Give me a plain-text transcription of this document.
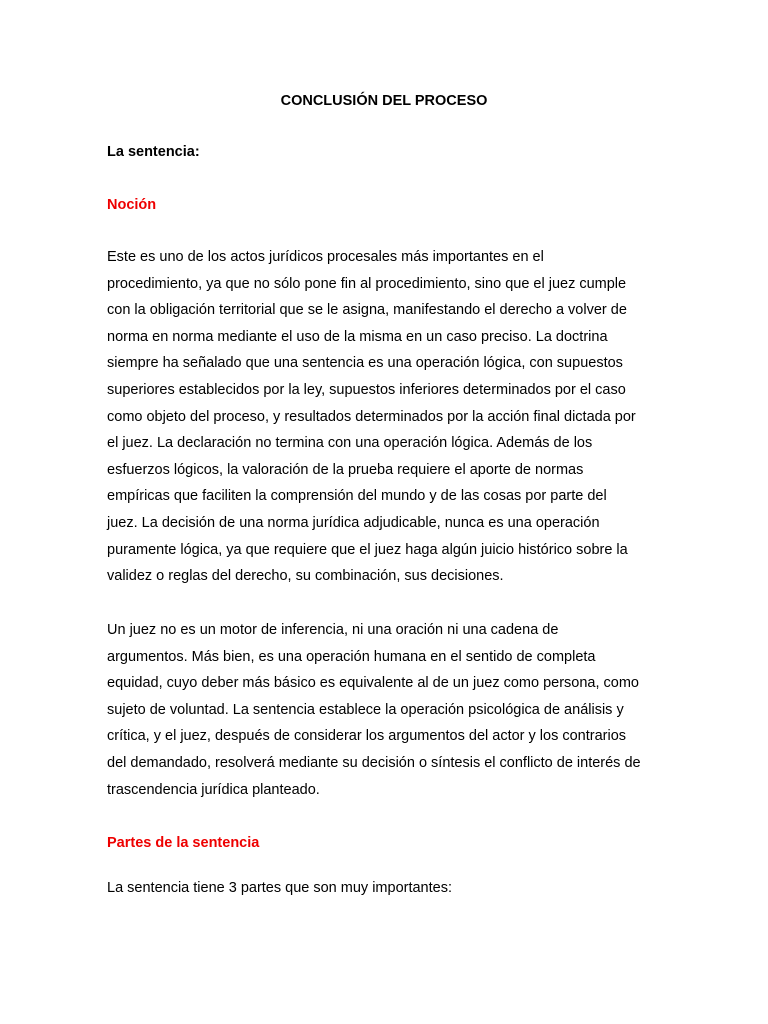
CONCLUSIÓN DEL PROCESO

La sentencia:

Noción

Este es uno de los actos jurídicos procesales más importantes en el
procedimiento, ya que no sólo pone fin al procedimiento, sino que el juez cumple
con la obligación territorial que se le asigna, manifestando el derecho a volver de
norma en norma mediante el uso de la misma en un caso preciso. La doctrina
siempre ha señalado que una sentencia es una operación lógica, con supuestos
superiores establecidos por la ley, supuestos inferiores determinados por el caso
como objeto del proceso, y resultados determinados por la acción final dictada por
el juez. La declaración no termina con una operación lógica. Además de los
esfuerzos lógicos, la valoración de la prueba requiere el aporte de normas
empíricas que faciliten la comprensión del mundo y de las cosas por parte del
juez. La decisión de una norma jurídica adjudicable, nunca es una operación
puramente lógica, ya que requiere que el juez haga algún juicio histórico sobre la
validez o reglas del derecho, su combinación, sus decisiones.
Un juez no es un motor de inferencia, ni una oración ni una cadena de
argumentos. Más bien, es una operación humana en el sentido de completa
equidad, cuyo deber más básico es equivalente al de un juez como persona, como
sujeto de voluntad. La sentencia establece la operación psicológica de análisis y
crítica, y el juez, después de considerar los argumentos del actor y los contrarios
del demandado, resolverá mediante su decisión o síntesis el conflicto de interés de
trascendencia jurídica planteado.

Partes de la sentencia

La sentencia tiene 3 partes que son muy importantes:
